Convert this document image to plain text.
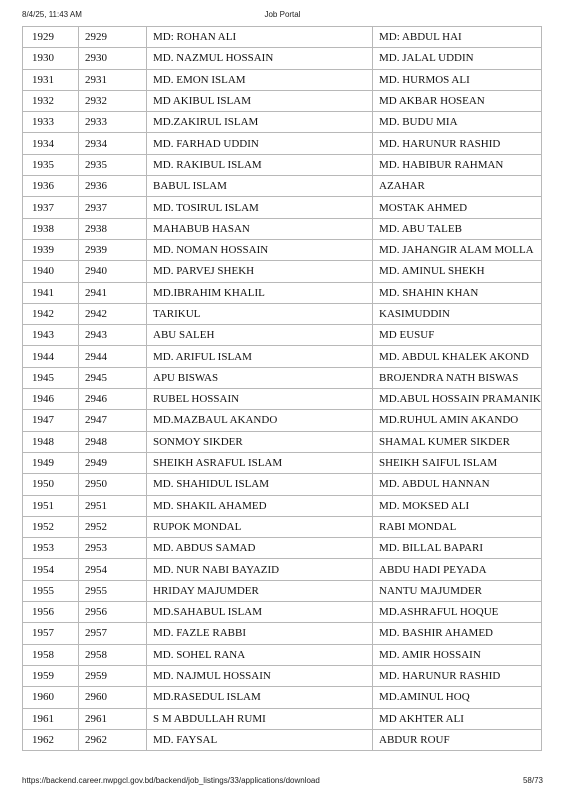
8/4/25, 11:43 AM	Job Portal
1929	2929	MD: ROHAN ALI	MD: ABDUL HAI
1930	2930	MD. NAZMUL HOSSAIN	MD. JALAL UDDIN
1931	2931	MD. EMON ISLAM	MD. HURMOS ALI
1932	2932	MD AKIBUL ISLAM	MD AKBAR HOSEAN
1933	2933	MD.ZAKIRUL ISLAM	MD. BUDU MIA
1934	2934	MD. FARHAD UDDIN	MD. HARUNUR RASHID
1935	2935	MD. RAKIBUL ISLAM	MD. HABIBUR RAHMAN
1936	2936	BABUL ISLAM	AZAHAR
1937	2937	MD. TOSIRUL ISLAM	MOSTAK AHMED
1938	2938	MAHABUB HASAN	MD. ABU TALEB
1939	2939	MD. NOMAN HOSSAIN	MD. JAHANGIR ALAM MOLLA
1940	2940	MD. PARVEJ SHEKH	MD. AMINUL SHEKH
1941	2941	MD.IBRAHIM KHALIL	MD. SHAHIN KHAN
1942	2942	TARIKUL	KASIMUDDIN
1943	2943	ABU SALEH	MD EUSUF
1944	2944	MD. ARIFUL ISLAM	MD. ABDUL KHALEK AKOND
1945	2945	APU BISWAS	BROJENDRA NATH BISWAS
1946	2946	RUBEL HOSSAIN	MD.ABUL HOSSAIN PRAMANIK
1947	2947	MD.MAZBAUL AKANDO	MD.RUHUL AMIN AKANDO
1948	2948	SONMOY SIKDER	SHAMAL KUMER SIKDER
1949	2949	SHEIKH ASRAFUL ISLAM	SHEIKH SAIFUL ISLAM
1950	2950	MD. SHAHIDUL ISLAM	MD. ABDUL HANNAN
1951	2951	MD. SHAKIL AHAMED	MD. MOKSED ALI
1952	2952	RUPOK MONDAL	RABI MONDAL
1953	2953	MD. ABDUS SAMAD	MD. BILLAL BAPARI
1954	2954	MD. NUR NABI BAYAZID	ABDU HADI PEYADA
1955	2955	HRIDAY MAJUMDER	NANTU MAJUMDER
1956	2956	MD.SAHABUL ISLAM	MD.ASHRAFUL HOQUE
1957	2957	MD. FAZLE RABBI	MD. BASHIR AHAMED
1958	2958	MD. SOHEL RANA	MD. AMIR HOSSAIN
1959	2959	MD. NAJMUL HOSSAIN	MD. HARUNUR RASHID
1960	2960	MD.RASEDUL ISLAM	MD.AMINUL HOQ
1961	2961	S M ABDULLAH RUMI	MD AKHTER ALI
1962	2962	MD. FAYSAL	ABDUR ROUF
https://backend.career.nwpgcl.gov.bd/backend/job_listings/33/applications/download	58/73
